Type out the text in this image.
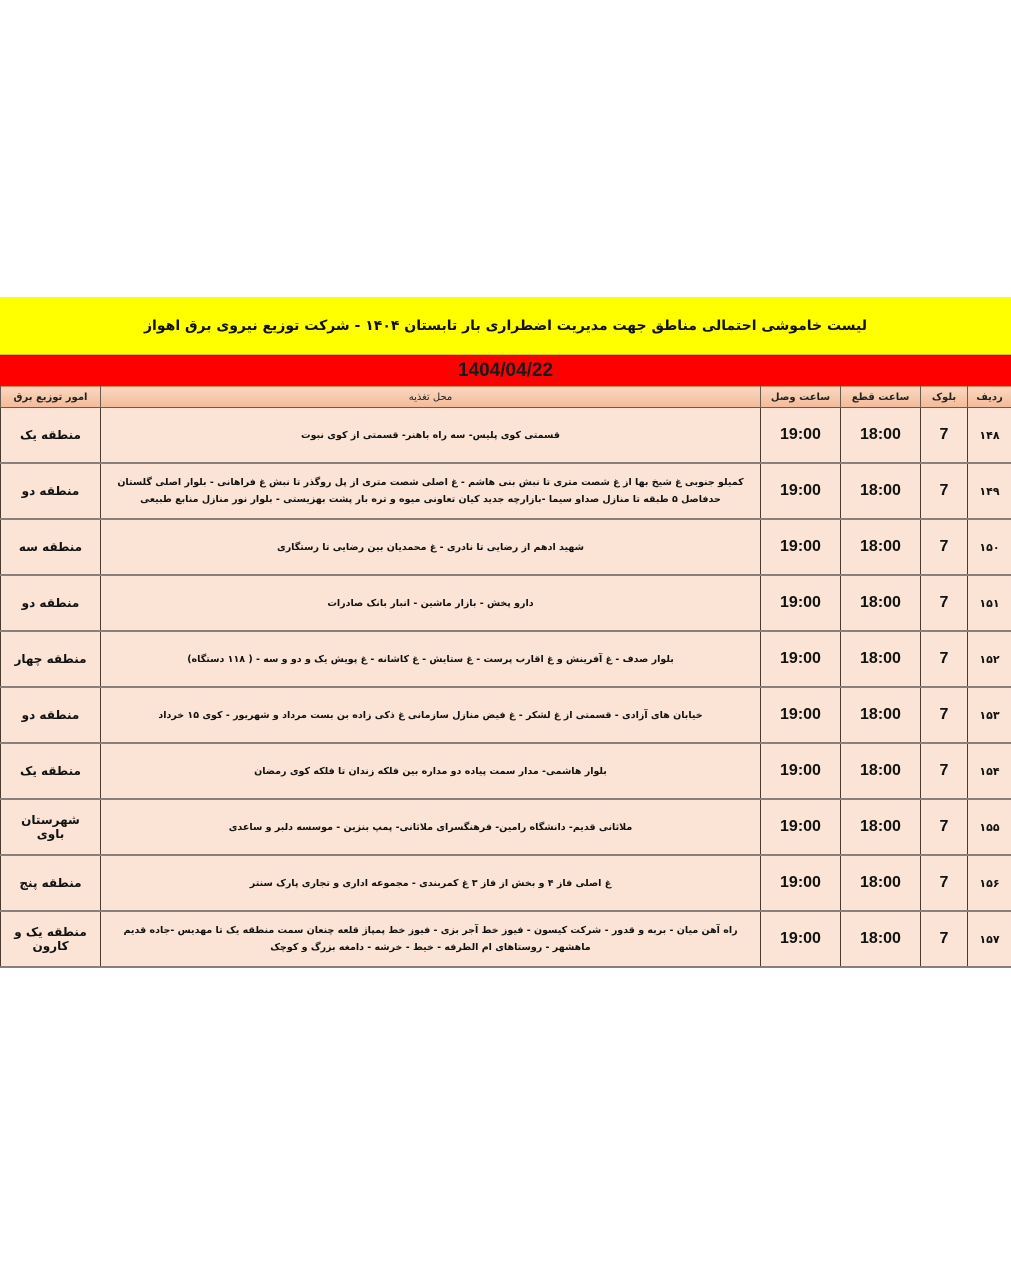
لیست خاموشی احتمالی مناطق جهت مدیریت اضطراری بار تابستان ۱۴۰۴ - شرکت توزیع نیروی برق اهواز
1404/04/22
ردیف	بلوک	ساعت قطع	ساعت وصل	محل تغذیه	امور توزیع برق
۱۴۸	7	18:00	19:00	قسمتی کوی پلیس- سه راه باهنر- قسمتی از کوی نبوت	منطقه یک
۱۴۹	7	18:00	19:00	کمیلو جنوبی غ شیخ بها از غ شصت متری تا نبش بنی هاشم - غ اصلی شصت متری از پل روگذر تا نبش غ فراهانی - بلوار اصلی گلستان حدفاصل ۵ طبقه تا منازل صداو سیما -بازارچه جدید کیان تعاونی میوه و تره بار پشت بهزیستی - بلوار نور منازل منابع طبیعی	منطقه دو
۱۵۰	7	18:00	19:00	شهید ادهم از رضایی تا نادری - غ محمدیان بین رضایی تا رستگاری	منطقه سه
۱۵۱	7	18:00	19:00	دارو پخش - بازار ماشین - انبار بانک صادرات	منطقه دو
۱۵۲	7	18:00	19:00	بلوار صدف - غ آفرینش و غ اقارب پرست - غ ستایش - غ کاشانه - غ پویش یک و دو و سه - ( ۱۱۸ دستگاه)	منطقه چهار
۱۵۳	7	18:00	19:00	خیابان های آزادی - قسمتی از غ لشکر - غ فیض منازل سازمانی غ ذکی زاده بن بست مرداد و شهریور - کوی ۱۵ خرداد	منطقه دو
۱۵۴	7	18:00	19:00	بلوار هاشمی- مدار سمت پیاده دو مداره بین فلکه زندان تا فلکه کوی رمضان	منطقه یک
۱۵۵	7	18:00	19:00	ملاثانی قدیم- دانشگاه رامین- فرهنگسرای ملاثانی- پمپ بنزین - موسسه دلبر و ساعدی	شهرستان باوی
۱۵۶	7	18:00	19:00	غ اصلی فاز ۴ و بخش از فاز ۳ غ کمربندی - مجموعه اداری و تجاری پارک سنتر	منطقه پنج
۱۵۷	7	18:00	19:00	راه آهن میان - بربه و قدور - شرکت کیسون - فیوز خط آجر بزی - فیوز خط پمپاژ قلعه چنعان سمت منطقه یک تا مهدیس -جاده قدیم ماهشهر - روستاهای ام الطرفه - خیط - خرشه - دامغه بزرگ و کوچک	منطقه یک و کارون
